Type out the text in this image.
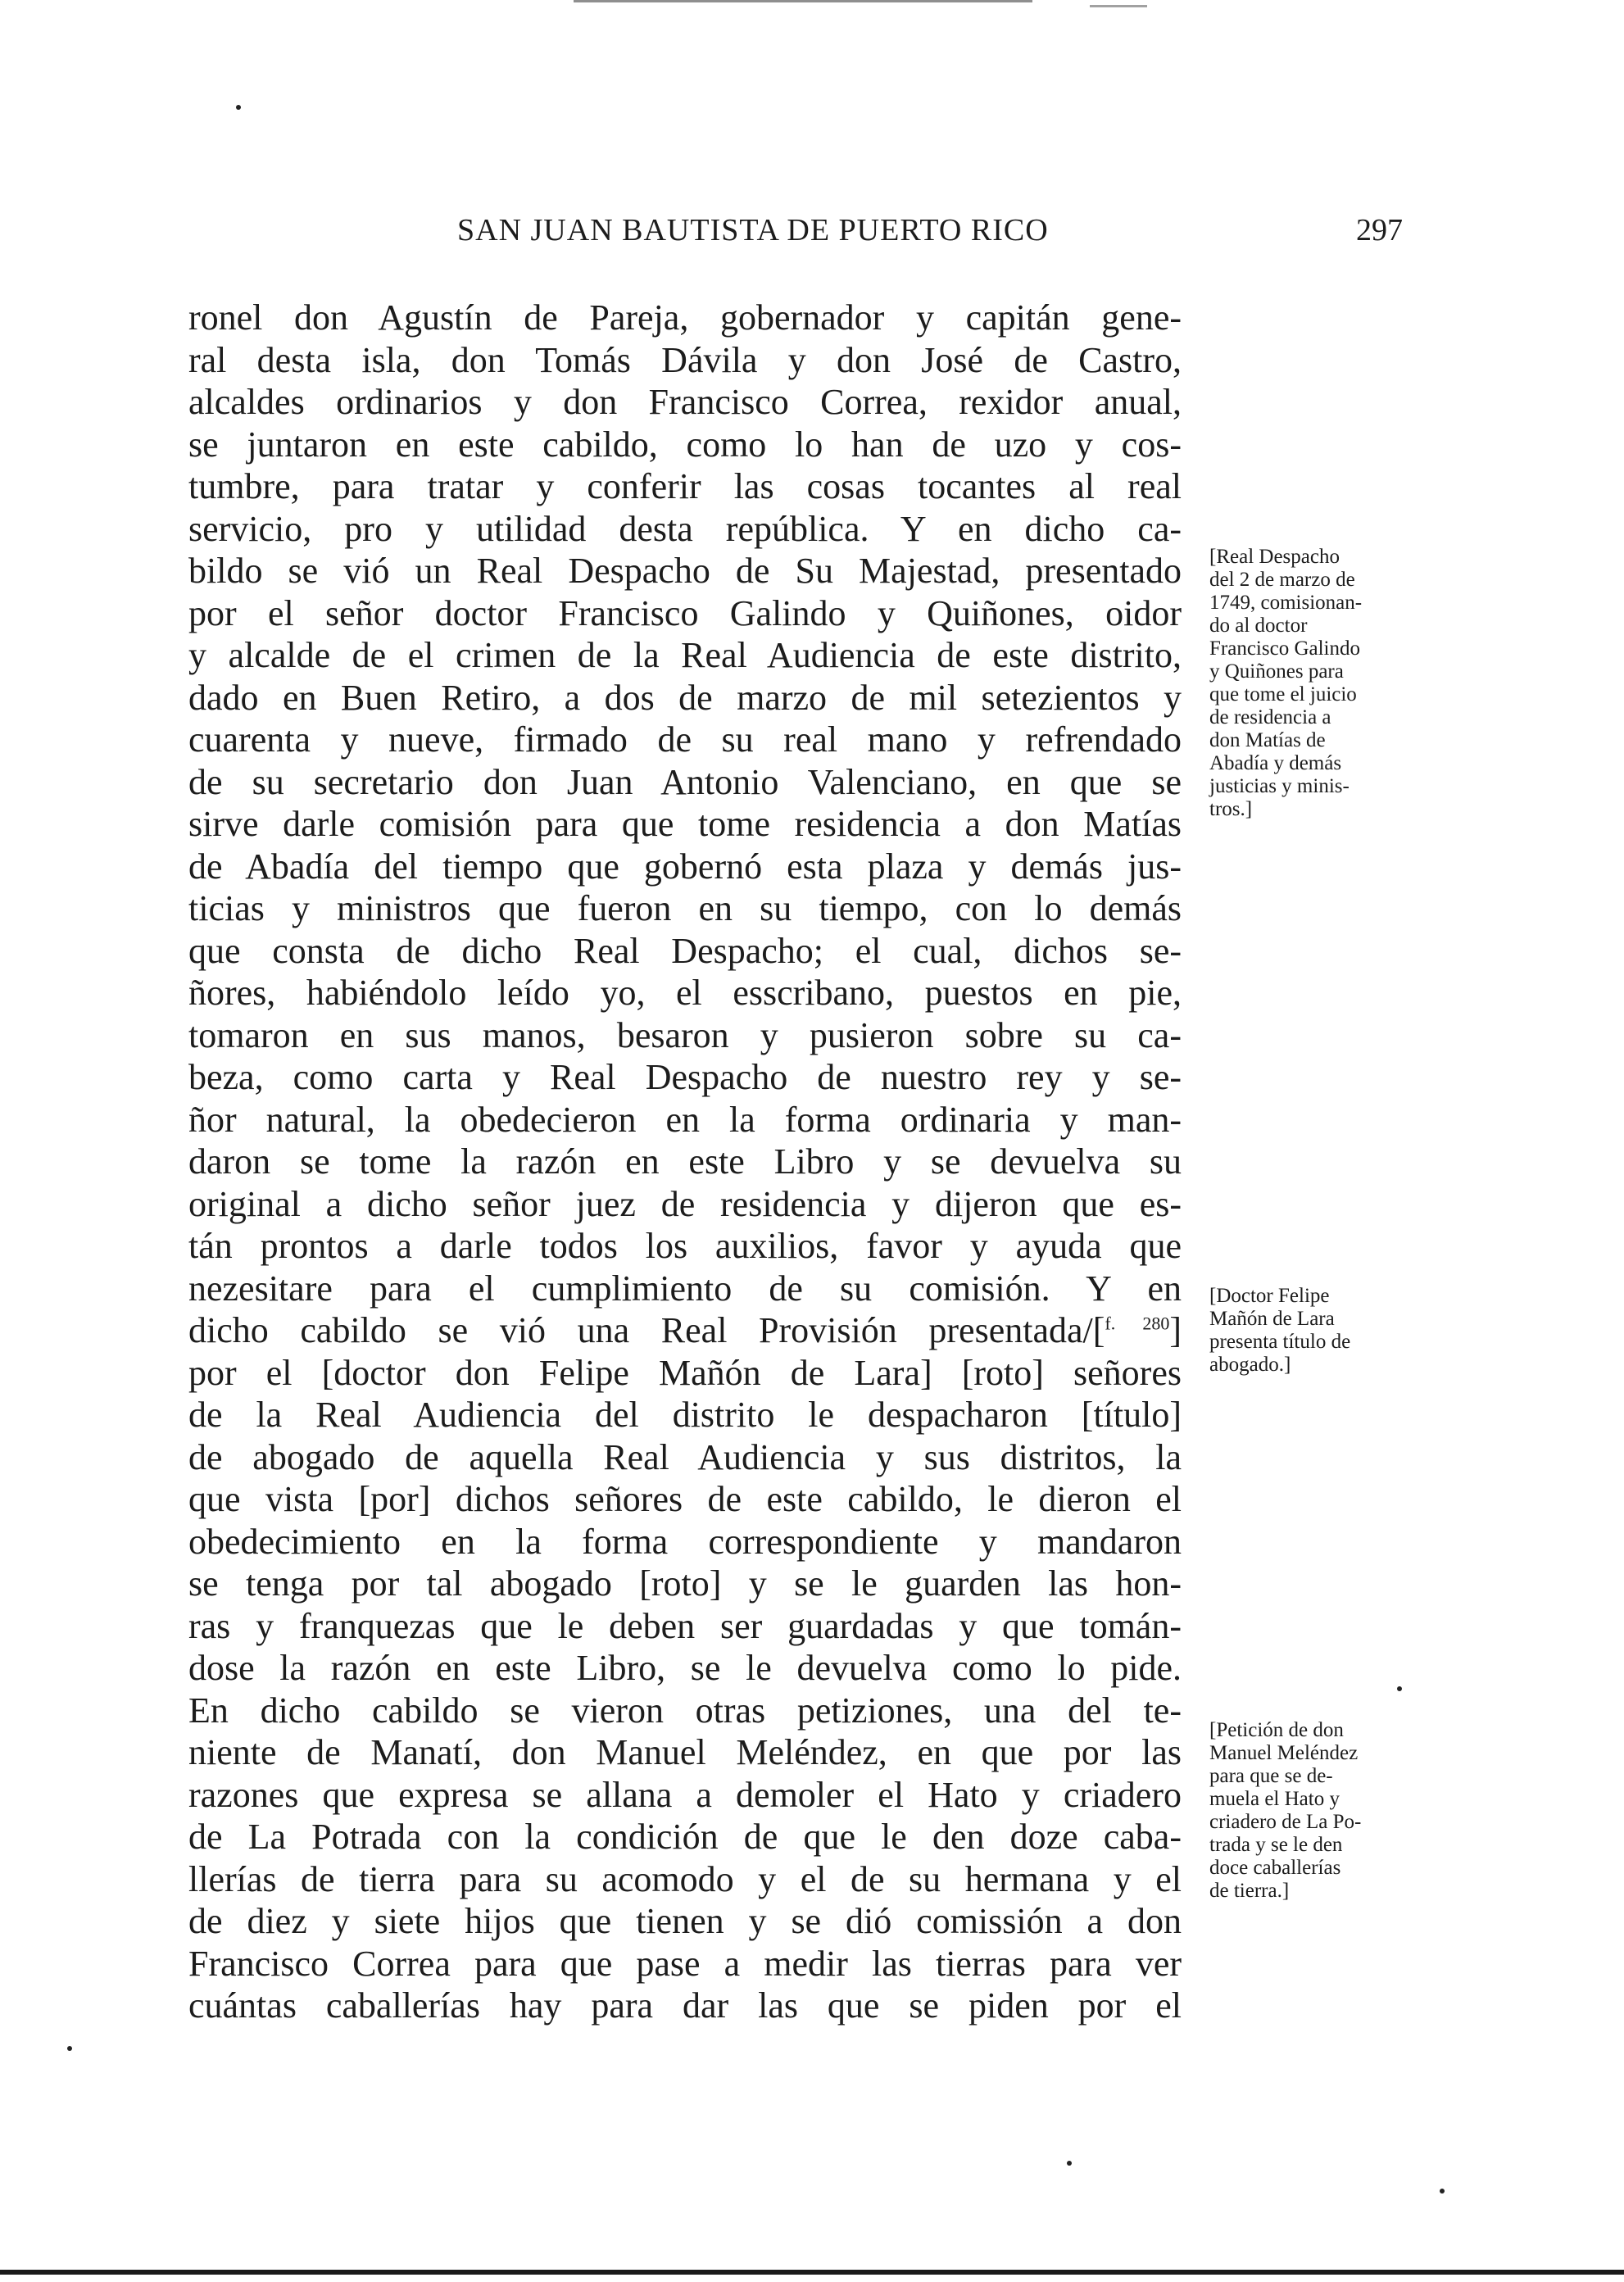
SAN JUAN BAUTISTA DE PUERTO RICO	297
ronel don Agustín de Pareja, gobernador y capitán gene-
ral desta isla, don Tomás Dávila y don José de Castro,
alcaldes ordinarios y don Francisco Correa, rexidor anual,
se juntaron en este cabildo, como lo han de uzo y cos-
tumbre, para tratar y conferir las cosas tocantes al real
servicio, pro y utilidad desta república. Y en dicho ca-
bildo se vió un Real Despacho de Su Majestad, presentado
por el señor doctor Francisco Galindo y Quiñones, oidor
y alcalde de el crimen de la Real Audiencia de este distrito,
dado en Buen Retiro, a dos de marzo de mil setezientos y
cuarenta y nueve, firmado de su real mano y refrendado
de su secretario don Juan Antonio Valenciano, en que se
sirve darle comisión para que tome residencia a don Matías
de Abadía del tiempo que gobernó esta plaza y demás jus-
ticias y ministros que fueron en su tiempo, con lo demás
que consta de dicho Real Despacho; el cual, dichos se-
ñores, habiéndolo leído yo, el esscribano, puestos en pie,
tomaron en sus manos, besaron y pusieron sobre su ca-
beza, como carta y Real Despacho de nuestro rey y se-
ñor natural, la obedecieron en la forma ordinaria y man-
daron se tome la razón en este Libro y se devuelva su
original a dicho señor juez de residencia y dijeron que es-
tán prontos a darle todos los auxilios, favor y ayuda que
nezesitare para el cumplimiento de su comisión. Y en
dicho cabildo se vió una Real Provisión presentada/[$^{f. 280}$]
por el [doctor don Felipe Mañón de Lara] [roto] señores
de la Real Audiencia del distrito le despacharon [título]
de abogado de aquella Real Audiencia y sus distritos, la
que vista [por] dichos señores de este cabildo, le dieron el
obedecimiento en la forma correspondiente y mandaron
se tenga por tal abogado [roto] y se le guarden las hon-
ras y franquezas que le deben ser guardadas y que tomán-
dose la razón en este Libro, se le devuelva como lo pide.
En dicho cabildo se vieron otras petiziones, una del te-
niente de Manatí, don Manuel Meléndez, en que por las
razones que expresa se allana a demoler el Hato y criadero
de La Potrada con la condición de que le den doze caba-
llerías de tierra para su acomodo y el de su hermana y el
de diez y siete hijos que tienen y se dió comissión a don
Francisco Correa para que pase a medir las tierras para ver
cuántas caballerías hay para dar las que se piden por el
[Real Despacho
del 2 de marzo de
1749, comisionan-
do al doctor
Francisco Galindo
y Quiñones para
que tome el juicio
de residencia a
don Matías de
Abadía y demás
justicias y minis-
tros.]
[Doctor Felipe
Mañón de Lara
presenta título de
abogado.]
[Petición de don
Manuel Meléndez
para que se de-
muela el Hato y
criadero de La Po-
trada y se le den
doce caballerías
de tierra.]
